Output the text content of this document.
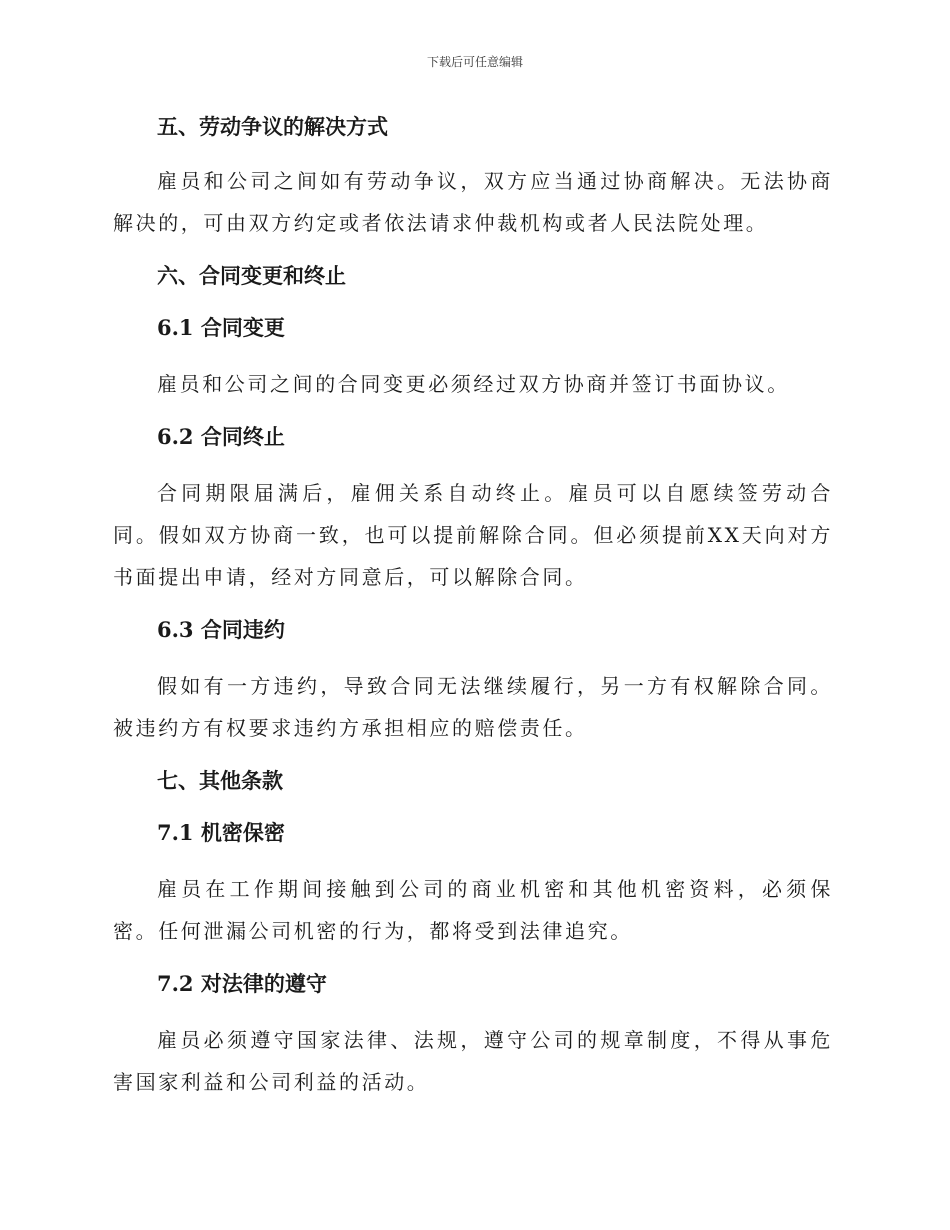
下载后可任意编辑
五、劳动争议的解决方式
雇员和公司之间如有劳动争议，双方应当通过协商解决。无法协商解决的，可由双方约定或者依法请求仲裁机构或者人民法院处理。
六、合同变更和终止
6.1 合同变更
雇员和公司之间的合同变更必须经过双方协商并签订书面协议。
6.2 合同终止
合同期限届满后，雇佣关系自动终止。雇员可以自愿续签劳动合同。假如双方协商一致，也可以提前解除合同。但必须提前XX天向对方书面提出申请，经对方同意后，可以解除合同。
6.3 合同违约
假如有一方违约，导致合同无法继续履行，另一方有权解除合同。被违约方有权要求违约方承担相应的赔偿责任。
七、其他条款
7.1 机密保密
雇员在工作期间接触到公司的商业机密和其他机密资料，必须保密。任何泄漏公司机密的行为，都将受到法律追究。
7.2 对法律的遵守
雇员必须遵守国家法律、法规，遵守公司的规章制度，不得从事危害国家利益和公司利益的活动。
